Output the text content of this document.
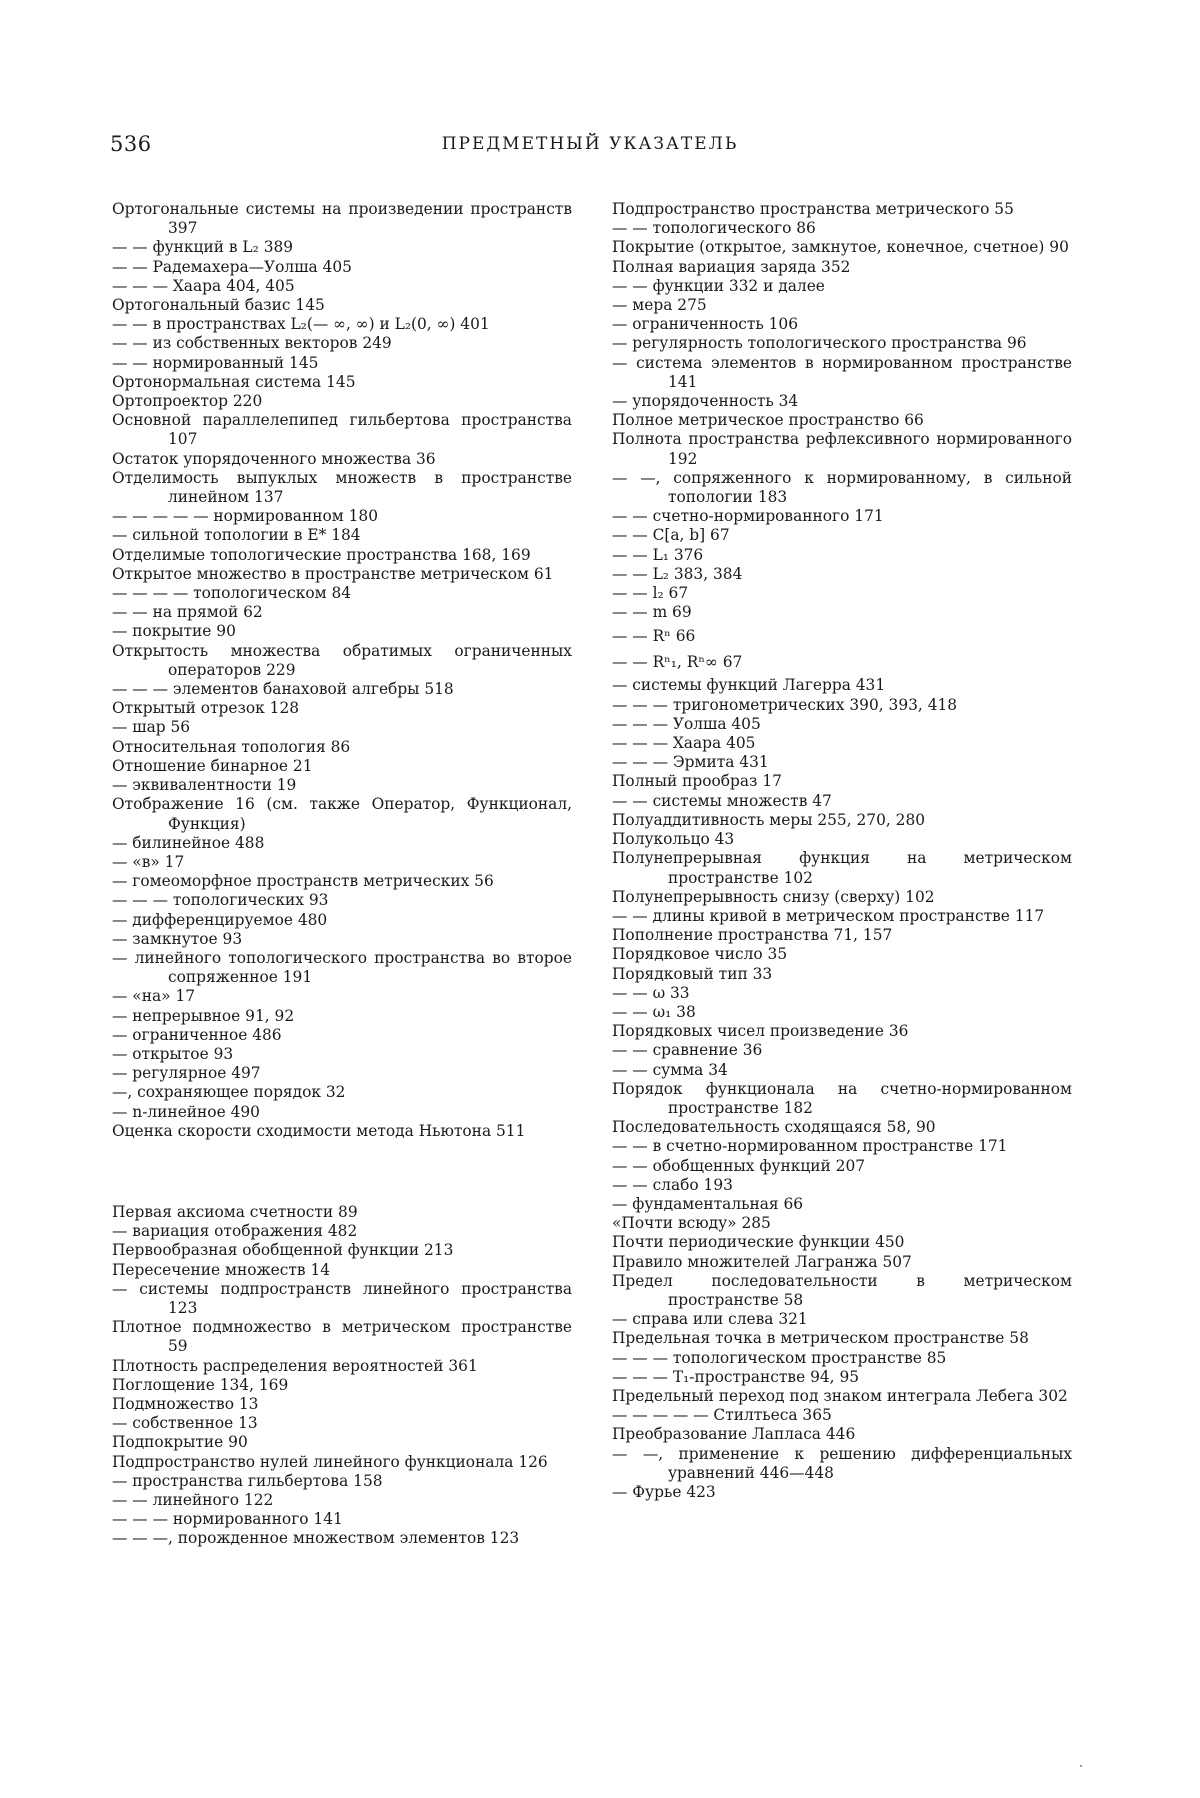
536	ПРЕДМЕТНЫЙ УКАЗАТЕЛЬ
Ортогональные системы на произведении пространств 397
— — функций в L₂ 389
— — Радемахера—Уолша 405
— — — Хаара 404, 405
Ортогональный базис 145
— — в пространствах L₂(— ∞, ∞) и L₂(0, ∞) 401
— — из собственных векторов 249
— — нормированный 145
Ортонормальная система 145
Ортопроектор 220
Основной параллелепипед гильбертова пространства 107
Остаток упорядоченного множества 36
Отделимость выпуклых множеств в пространстве линейном 137
— — — — — нормированном 180
— сильной топологии в E* 184
Отделимые топологические пространства 168, 169
Открытое множество в пространстве метрическом 61
— — — — топологическом 84
— — на прямой 62
— покрытие 90
Открытость множества обратимых ограниченных операторов 229
— — — элементов банаховой алгебры 518
Открытый отрезок 128
— шар 56
Относительная топология 86
Отношение бинарное 21
— эквивалентности 19
Отображение 16 (см. также Оператор, Функционал, Функция)
— билинейное 488
— «в» 17
— гомеоморфное пространств метрических 56
— — — топологических 93
— дифференцируемое 480
— замкнутое 93
— линейного топологического пространства во второе сопряженное 191
— «на» 17
— непрерывное 91, 92
— ограниченное 486
— открытое 93
— регулярное 497
—, сохраняющее порядок 32
— n-линейное 490
Оценка скорости сходимости метода Ньютона 511
Первая аксиома счетности 89
— вариация отображения 482
Первообразная обобщенной функции 213
Пересечение множеств 14
— системы подпространств линейного пространства 123
Плотное подмножество в метрическом пространстве 59
Плотность распределения вероятностей 361
Поглощение 134, 169
Подмножество 13
— собственное 13
Подпокрытие 90
Подпространство нулей линейного функционала 126
— пространства гильбертова 158
— — линейного 122
— — — нормированного 141
— — —, порожденное множеством элементов 123
Подпространство пространства метрического 55
— — топологического 86
Покрытие (открытое, замкнутое, конечное, счетное) 90
Полная вариация заряда 352
— — функции 332 и далее
— мера 275
— ограниченность 106
— регулярность топологического пространства 96
— система элементов в нормированном пространстве 141
— упорядоченность 34
Полное метрическое пространство 66
Полнота пространства рефлексивного нормированного 192
— —, сопряженного к нормированному, в сильной топологии 183
— — счетно-нормированного 171
— — C[a, b] 67
— — L₁ 376
— — L₂ 383, 384
— — l₂ 67
— — m 69
— — Rⁿ 66
— — Rⁿ₁, Rⁿ∞ 67
— системы функций Лагерра 431
— — — тригонометрических 390, 393, 418
— — — Уолша 405
— — — Хаара 405
— — — Эрмита 431
Полный прообраз 17
— — системы множеств 47
Полуаддитивность меры 255, 270, 280
Полукольцо 43
Полунепрерывная функция на метрическом пространстве 102
Полунепрерывность снизу (сверху) 102
— — длины кривой в метрическом пространстве 117
Пополнение пространства 71, 157
Порядковое число 35
Порядковый тип 33
— — ω 33
— — ω₁ 38
Порядковых чисел произведение 36
— — сравнение 36
— — сумма 34
Порядок функционала на счетно-нормированном пространстве 182
Последовательность сходящаяся 58, 90
— — в счетно-нормированном пространстве 171
— — обобщенных функций 207
— — слабо 193
— фундаментальная 66
«Почти всюду» 285
Почти периодические функции 450
Правило множителей Лагранжа 507
Предел последовательности в метрическом пространстве 58
— справа или слева 321
Предельная точка в метрическом пространстве 58
— — — топологическом пространстве 85
— — — T₁-пространстве 94, 95
Предельный переход под знаком интеграла Лебега 302
— — — — — Стилтьеса 365
Преобразование Лапласа 446
— —, применение к решению дифференциальных уравнений 446—448
— Фурье 423
